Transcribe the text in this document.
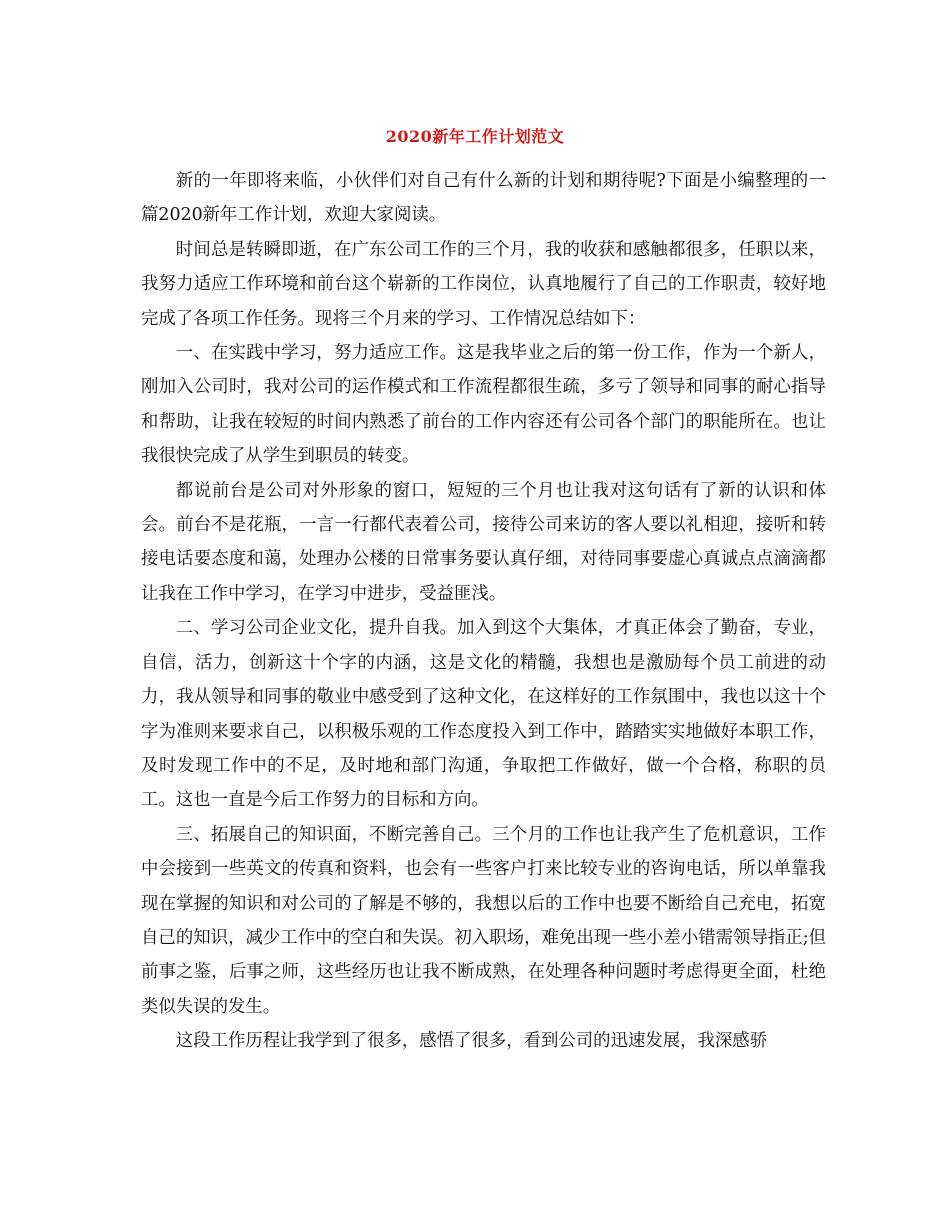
2020新年工作计划范文

新的一年即将来临，小伙伴们对自己有什么新的计划和期待呢?下面是小编整理的一篇2020新年工作计划，欢迎大家阅读。

时间总是转瞬即逝，在广东公司工作的三个月，我的收获和感触都很多，任职以来，我努力适应工作环境和前台这个崭新的工作岗位，认真地履行了自己的工作职责，较好地完成了各项工作任务。现将三个月来的学习、工作情况总结如下：

一、在实践中学习，努力适应工作。这是我毕业之后的第一份工作，作为一个新人，刚加入公司时，我对公司的运作模式和工作流程都很生疏，多亏了领导和同事的耐心指导和帮助，让我在较短的时间内熟悉了前台的工作内容还有公司各个部门的职能所在。也让我很快完成了从学生到职员的转变。

都说前台是公司对外形象的窗口，短短的三个月也让我对这句话有了新的认识和体会。前台不是花瓶，一言一行都代表着公司，接待公司来访的客人要以礼相迎，接听和转接电话要态度和蔼，处理办公楼的日常事务要认真仔细，对待同事要虚心真诚点点滴滴都让我在工作中学习，在学习中进步，受益匪浅。

二、学习公司企业文化，提升自我。加入到这个大集体，才真正体会了勤奋，专业，自信，活力，创新这十个字的内涵，这是文化的精髓，我想也是激励每个员工前进的动力，我从领导和同事的敬业中感受到了这种文化，在这样好的工作氛围中，我也以这十个字为准则来要求自己，以积极乐观的工作态度投入到工作中，踏踏实实地做好本职工作，及时发现工作中的不足，及时地和部门沟通，争取把工作做好，做一个合格，称职的员工。这也一直是今后工作努力的目标和方向。

三、拓展自己的知识面，不断完善自己。三个月的工作也让我产生了危机意识，工作中会接到一些英文的传真和资料，也会有一些客户打来比较专业的咨询电话，所以单靠我现在掌握的知识和对公司的了解是不够的，我想以后的工作中也要不断给自己充电，拓宽自己的知识，减少工作中的空白和失误。初入职场，难免出现一些小差小错需领导指正;但前事之鉴，后事之师，这些经历也让我不断成熟，在处理各种问题时考虑得更全面，杜绝类似失误的发生。

这段工作历程让我学到了很多，感悟了很多，看到公司的迅速发展，我深感骄
